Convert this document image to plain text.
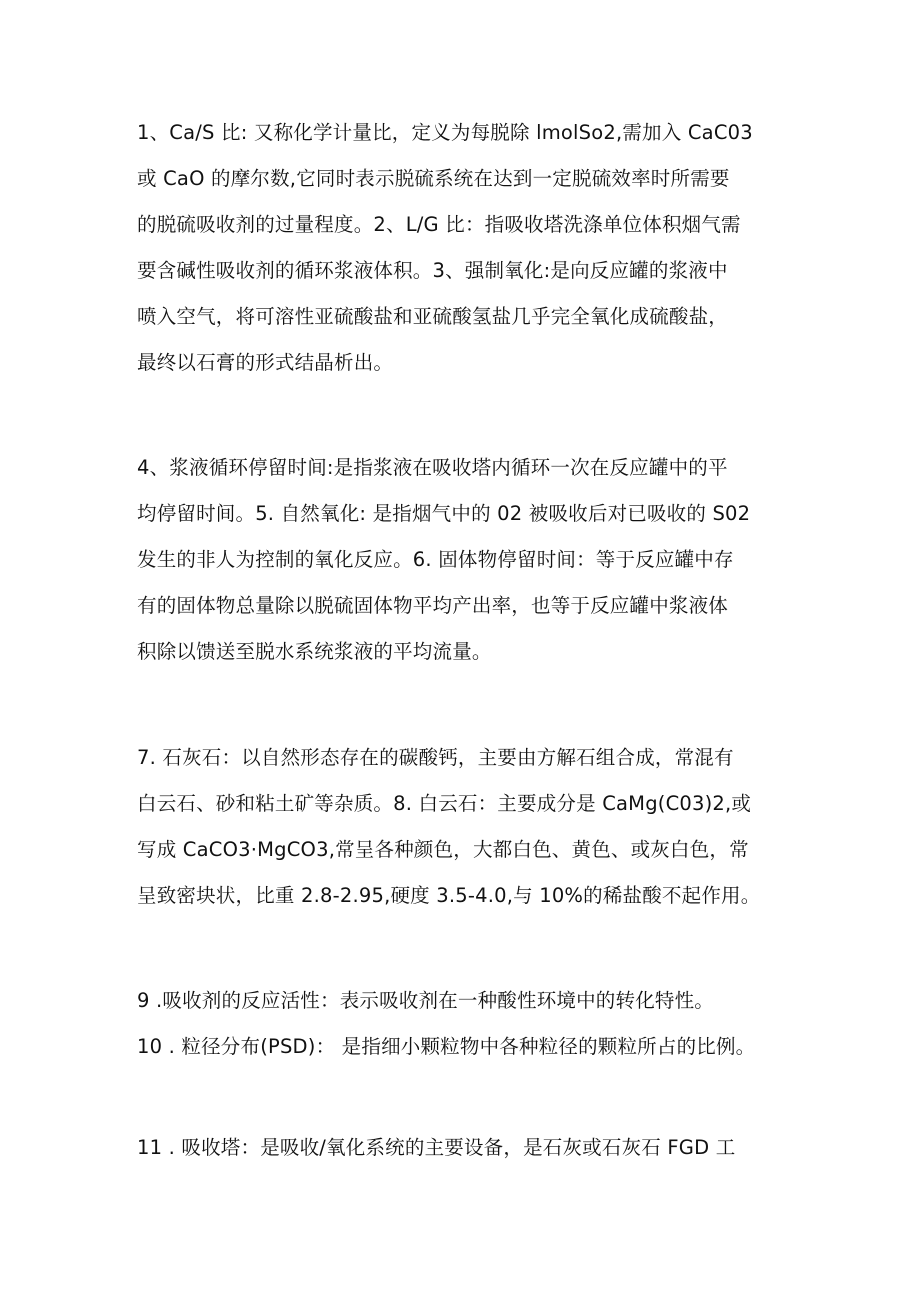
1、Ca/S 比: 又称化学计量比，定义为每脱除 lmolSo2,需加入 CaC03
或 CaO 的摩尔数,它同时表示脱硫系统在达到一定脱硫效率时所需要
的脱硫吸收剂的过量程度。2、L/G 比：指吸收塔洗涤单位体积烟气需
要含碱性吸收剂的循环浆液体积。3、强制氧化:是向反应罐的浆液中
喷入空气，将可溶性亚硫酸盐和亚硫酸氢盐几乎完全氧化成硫酸盐，
最终以石膏的形式结晶析出。
4、浆液循环停留时间:是指浆液在吸收塔内循环一次在反应罐中的平
均停留时间。5. 自然氧化: 是指烟气中的 02 被吸收后对已吸收的 S02
发生的非人为控制的氧化反应。6. 固体物停留时间：等于反应罐中存
有的固体物总量除以脱硫固体物平均产出率，也等于反应罐中浆液体
积除以馈送至脱水系统浆液的平均流量。
7. 石灰石：以自然形态存在的碳酸钙，主要由方解石组合成，常混有
白云石、砂和粘土矿等杂质。8. 白云石：主要成分是 CaMg(C03)2,或
写成 CaCO3·MgCO3,常呈各种颜色，大都白色、黄色、或灰白色，常
呈致密块状，比重 2.8-2.95,硬度 3.5-4.0,与 10%的稀盐酸不起作用。
9 .吸收剂的反应活性：表示吸收剂在一种酸性环境中的转化特性。
10 . 粒径分布(PSD)： 是指细小颗粒物中各种粒径的颗粒所占的比例。
11 . 吸收塔：是吸收/氧化系统的主要设备，是石灰或石灰石 FGD 工
